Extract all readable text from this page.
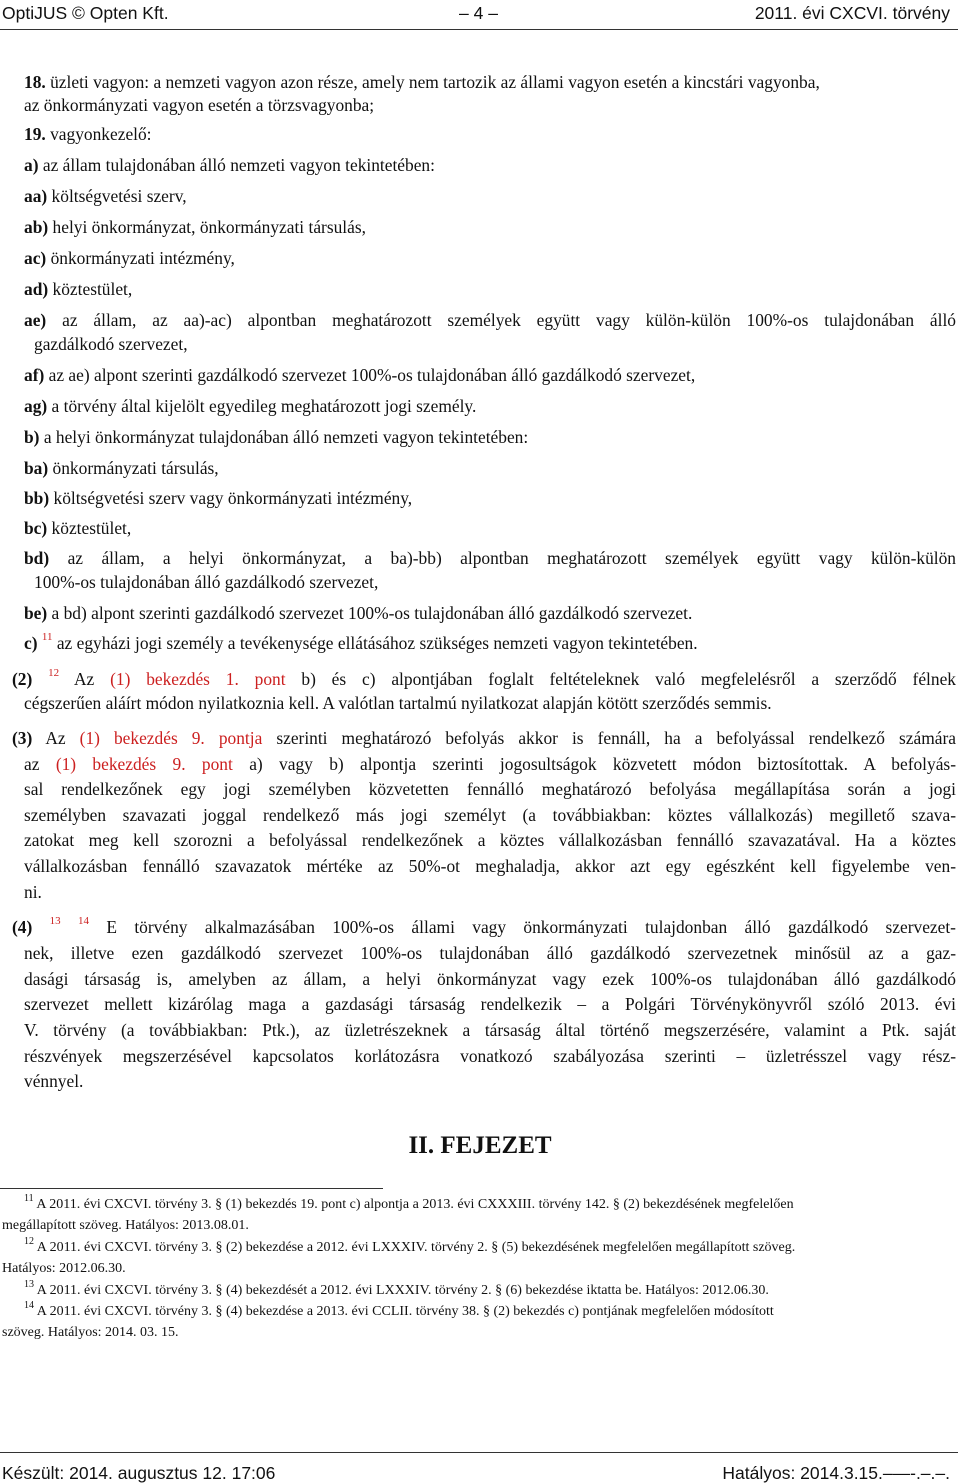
OptiJUS © Opten Kft.	– 4 –	2011. évi CXCVI. törvény
18. üzleti vagyon: a nemzeti vagyon azon része, amely nem tartozik az állami vagyon esetén a kincstári vagyonba,
az önkormányzati vagyon esetén a törzsvagyonba;
19. vagyonkezelő:
a) az állam tulajdonában álló nemzeti vagyon tekintetében:
aa) költségvetési szerv,
ab) helyi önkormányzat, önkormányzati társulás,
ac) önkormányzati intézmény,
ad) köztestület,
ae) az állam, az aa)-ac) alpontban meghatározott személyek együtt vagy külön-külön 100%-os tulajdonában álló
gazdálkodó szervezet,
af) az ae) alpont szerinti gazdálkodó szervezet 100%-os tulajdonában álló gazdálkodó szervezet,
ag) a törvény által kijelölt egyedileg meghatározott jogi személy.
b) a helyi önkormányzat tulajdonában álló nemzeti vagyon tekintetében:
ba) önkormányzati társulás,
bb) költségvetési szerv vagy önkormányzati intézmény,
bc) köztestület,
bd) az állam, a helyi önkormányzat, a ba)-bb) alpontban meghatározott személyek együtt vagy külön-külön
100%-os tulajdonában álló gazdálkodó szervezet,
be) a bd) alpont szerinti gazdálkodó szervezet 100%-os tulajdonában álló gazdálkodó szervezet.
c) $^{11}$ az egyházi jogi személy a tevékenysége ellátásához szükséges nemzeti vagyon tekintetében.
(2) $^{12}$ Az (1) bekezdés 1. pont b) és c) alpontjában foglalt feltételeknek való megfelelésről a szerződő félnek
cégszerűen aláírt módon nyilatkoznia kell. A valótlan tartalmú nyilatkozat alapján kötött szerződés semmis.
(3) Az (1) bekezdés 9. pontja szerinti meghatározó befolyás akkor is fennáll, ha a befolyással rendelkező számára
az (1) bekezdés 9. pont a) vagy b) alpontja szerinti jogosultságok közvetett módon biztosítottak. A befolyás-
sal rendelkezőnek egy jogi személyben közvetetten fennálló meghatározó befolyása megállapítása során a jogi
személyben szavazati joggal rendelkező más jogi személyt (a továbbiakban: köztes vállalkozás) megillető szava-
zatokat meg kell szorozni a befolyással rendelkezőnek a köztes vállalkozásban fennálló szavazatával. Ha a köztes
vállalkozásban fennálló szavazatok mértéke az 50%-ot meghaladja, akkor azt egy egészként kell figyelembe ven-
ni.
(4) $^{13}$ $^{14}$ E törvény alkalmazásában 100%-os állami vagy önkormányzati tulajdonban álló gazdálkodó szervezet-
nek, illetve ezen gazdálkodó szervezet 100%-os tulajdonában álló gazdálkodó szervezetnek minősül az a gaz-
dasági társaság is, amelyben az állam, a helyi önkormányzat vagy ezek 100%-os tulajdonában álló gazdálkodó
szervezet mellett kizárólag maga a gazdasági társaság rendelkezik – a Polgári Törvénykönyvről szóló 2013. évi
V. törvény (a továbbiakban: Ptk.), az üzletrészeknek a társaság által történő megszerzésére, valamint a Ptk. saját
részvények megszerzésével kapcsolatos korlátozásra vonatkozó szabályozása szerinti – üzletrésszel vagy rész-
vénnyel.
II. FEJEZET
$^{11}$ A 2011. évi CXCVI. törvény 3. § (1) bekezdés 19. pont c) alpontja a 2013. évi CXXXIII. törvény 142. § (2) bekezdésének megfelelően
megállapított szöveg. Hatályos: 2013.08.01.
$^{12}$ A 2011. évi CXCVI. törvény 3. § (2) bekezdése a 2012. évi LXXXIV. törvény 2. § (5) bekezdésének megfelelően megállapított szöveg.
Hatályos: 2012.06.30.
$^{13}$ A 2011. évi CXCVI. törvény 3. § (4) bekezdését a 2012. évi LXXXIV. törvény 2. § (6) bekezdése iktatta be. Hatályos: 2012.06.30.
$^{14}$ A 2011. évi CXCVI. törvény 3. § (4) bekezdése a 2013. évi CCLII. törvény 38. § (2) bekezdés c) pontjának megfelelően módosított
szöveg. Hatályos: 2014. 03. 15.
Készült: 2014. augusztus 12. 17:06	Hatályos: 2014.3.15.–—-.–.–.
